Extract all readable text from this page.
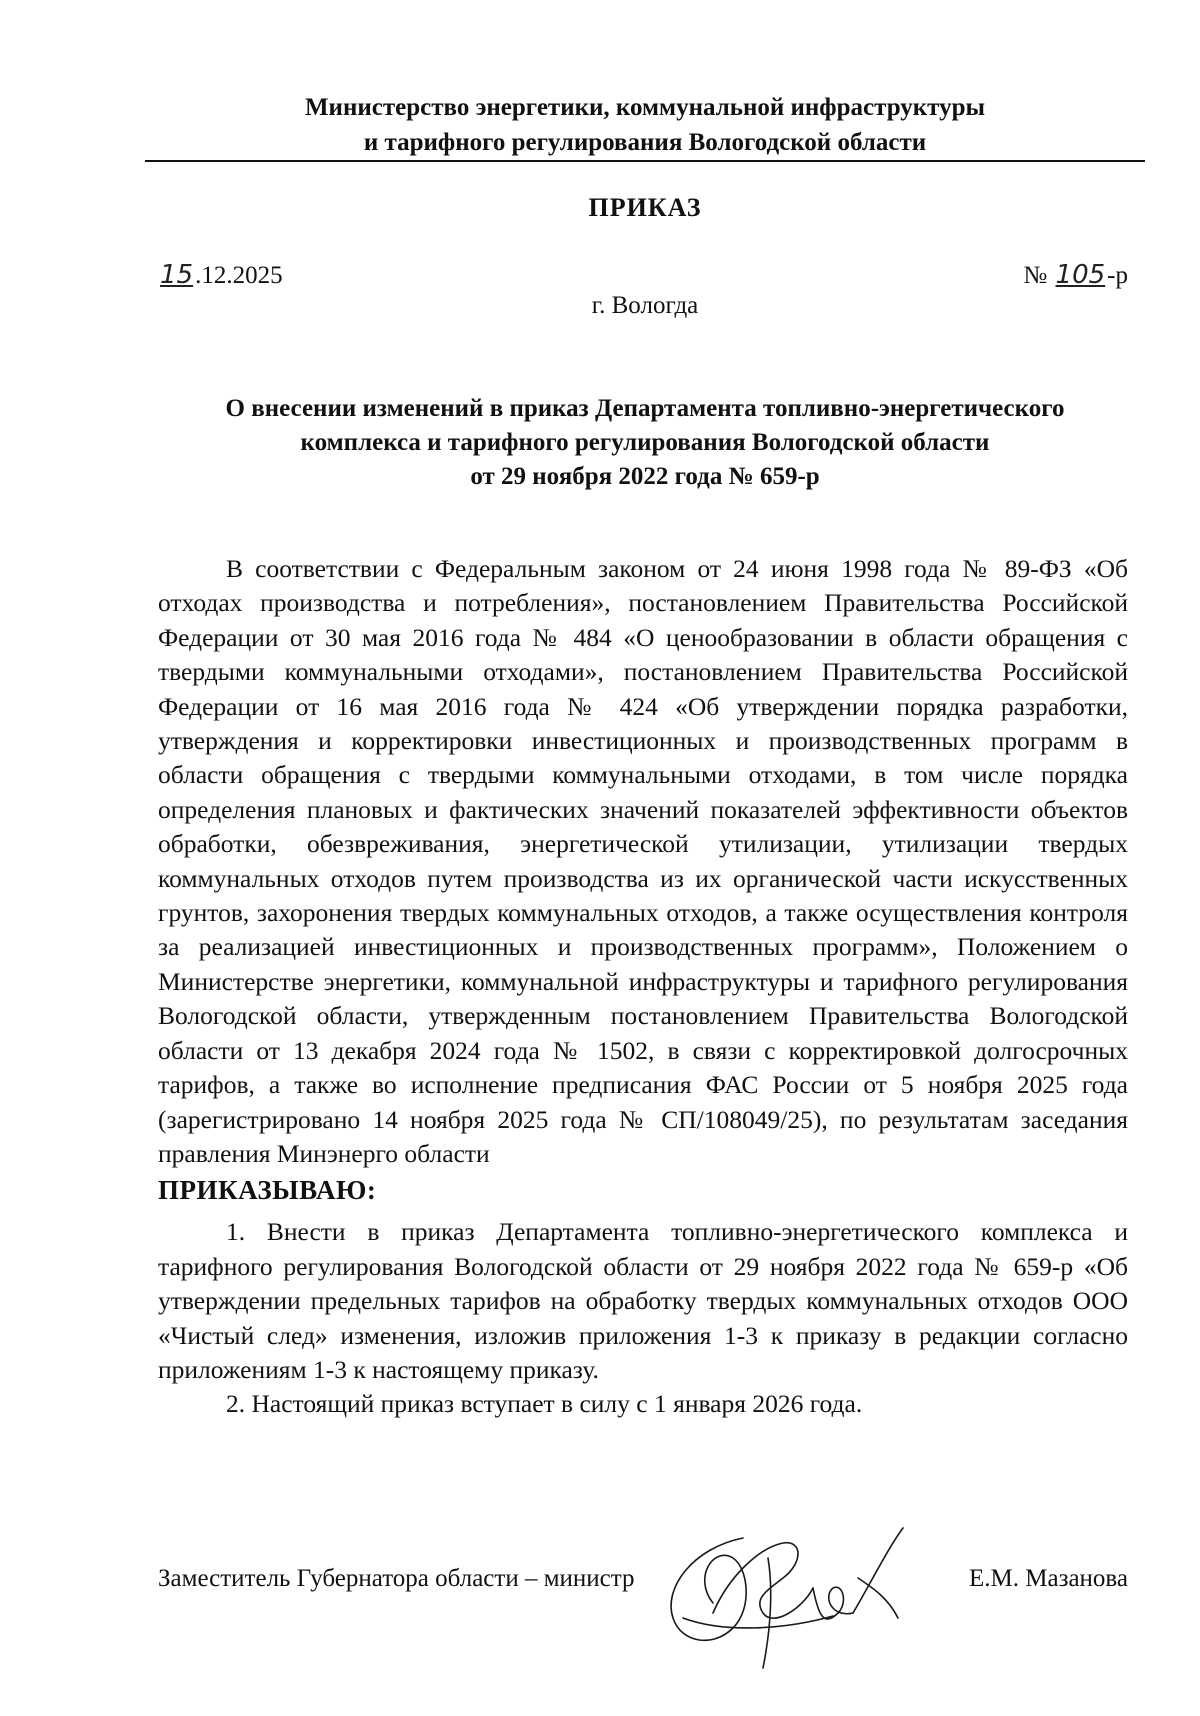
Министерство энергетики, коммунальной инфраструктуры
и тарифного регулирования Вологодской области
ПРИКАЗ
15.12.2025	№ 105-р
г. Вологда
О внесении изменений в приказ Департамента топливно-энергетического
комплекса и тарифного регулирования Вологодской области
от 29 ноября 2022 года № 659-р

В соответствии с Федеральным законом от 24 июня 1998 года № 89-ФЗ «Об отходах производства и потребления», постановлением Правительства Российской Федерации от 30 мая 2016 года № 484 «О ценообразовании в области обращения с твердыми коммунальными отходами», постановлением Правительства Российской Федерации от 16 мая 2016 года № 424 «Об утверждении порядка разработки, утверждения и корректировки инвестиционных и производственных программ в области обращения с твердыми коммунальными отходами, в том числе порядка определения плановых и фактических значений показателей эффективности объектов обработки, обезвреживания, энергетической утилизации, утилизации твердых коммунальных отходов путем производства из их органической части искусственных грунтов, захоронения твердых коммунальных отходов, а также осуществления контроля за реализацией инвестиционных и производственных программ», Положением о Министерстве энергетики, коммунальной инфраструктуры и тарифного регулирования Вологодской области, утвержденным постановлением Правительства Вологодской области от 13 декабря 2024 года № 1502, в связи с корректировкой долгосрочных тарифов, а также во исполнение предписания ФАС России от 5 ноября 2025 года (зарегистрировано 14 ноября 2025 года № СП/108049/25), по результатам заседания правления Минэнерго области

ПРИКАЗЫВАЮ:

1. Внести в приказ Департамента топливно-энергетического комплекса и тарифного регулирования Вологодской области от 29 ноября 2022 года № 659-р «Об утверждении предельных тарифов на обработку твердых коммунальных отходов ООО «Чистый след» изменения, изложив приложения 1-3 к приказу в редакции согласно приложениям 1-3 к настоящему приказу.

2. Настоящий приказ вступает в силу с 1 января 2026 года.

Заместитель Губернатора области – министр	Е.М. Мазанова
